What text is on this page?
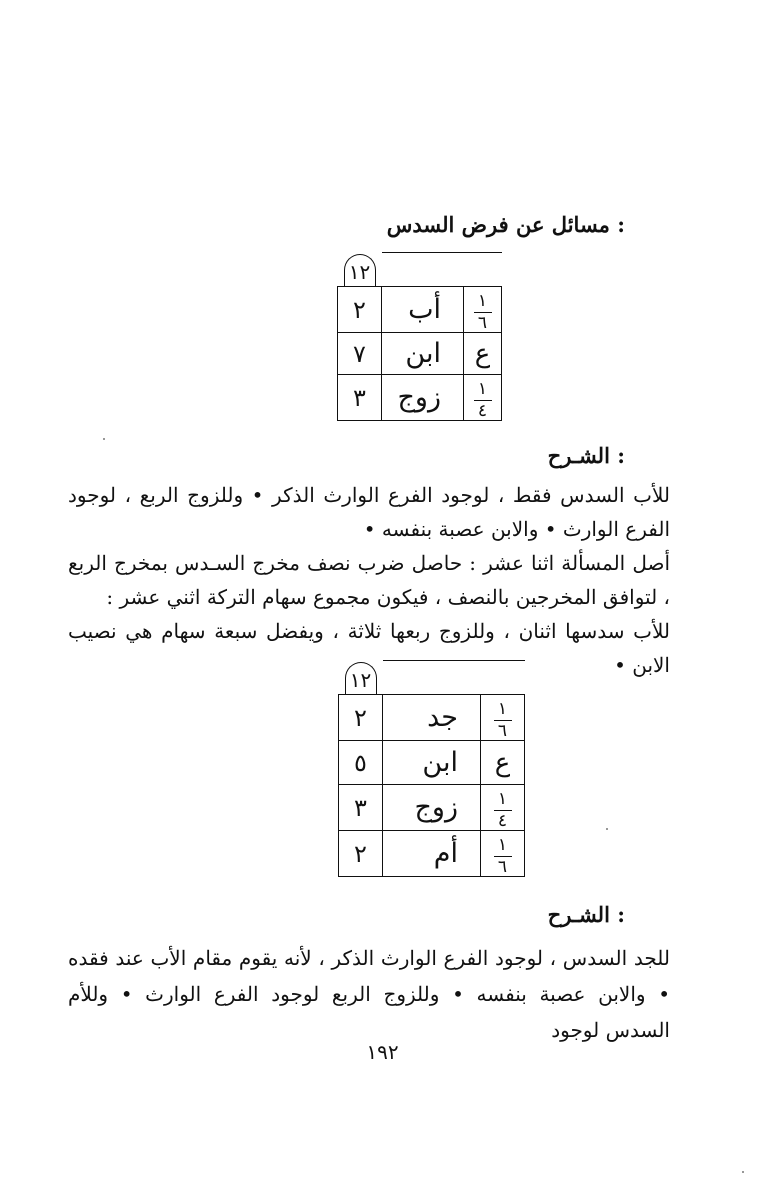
مسائل عن فرض السدس :
١٢		
٢	أب	$\frac{١}{٦}$

٧	ابن	ع
٣	زوج	$\frac{١}{٤}$
الشـرح :

للأب السدس فقط ، لوجود الفرع الوارث الذكر • وللزوج الربع ، لوجود الفرع الوارث • والابن عصبة بنفسه •

أصل المسألة اثنا عشر : حاصل ضرب نصف مخرج السـدس بمخرج الربع ، لتوافق المخرجين بالنصف ، فيكون مجموع سهام التركة اثني عشر :

للأب سدسها اثنان ، وللزوج ربعها ثلاثة ، ويفضل سبعة سهام هي نصيب الابن •

١٢		
٢	جد	$\frac{١}{٦}$

٥	ابن	ع
٣	زوج	$\frac{١}{٤}$

٢	أم	$\frac{١}{٦}$
الشـرح :

للجد السدس ، لوجود الفرع الوارث الذكر ، لأنه يقوم مقام الأب عند فقده • والابن عصبة بنفسه • وللزوج الربع لوجود الفرع الوارث • وللأم السدس لوجود

١٩٢
